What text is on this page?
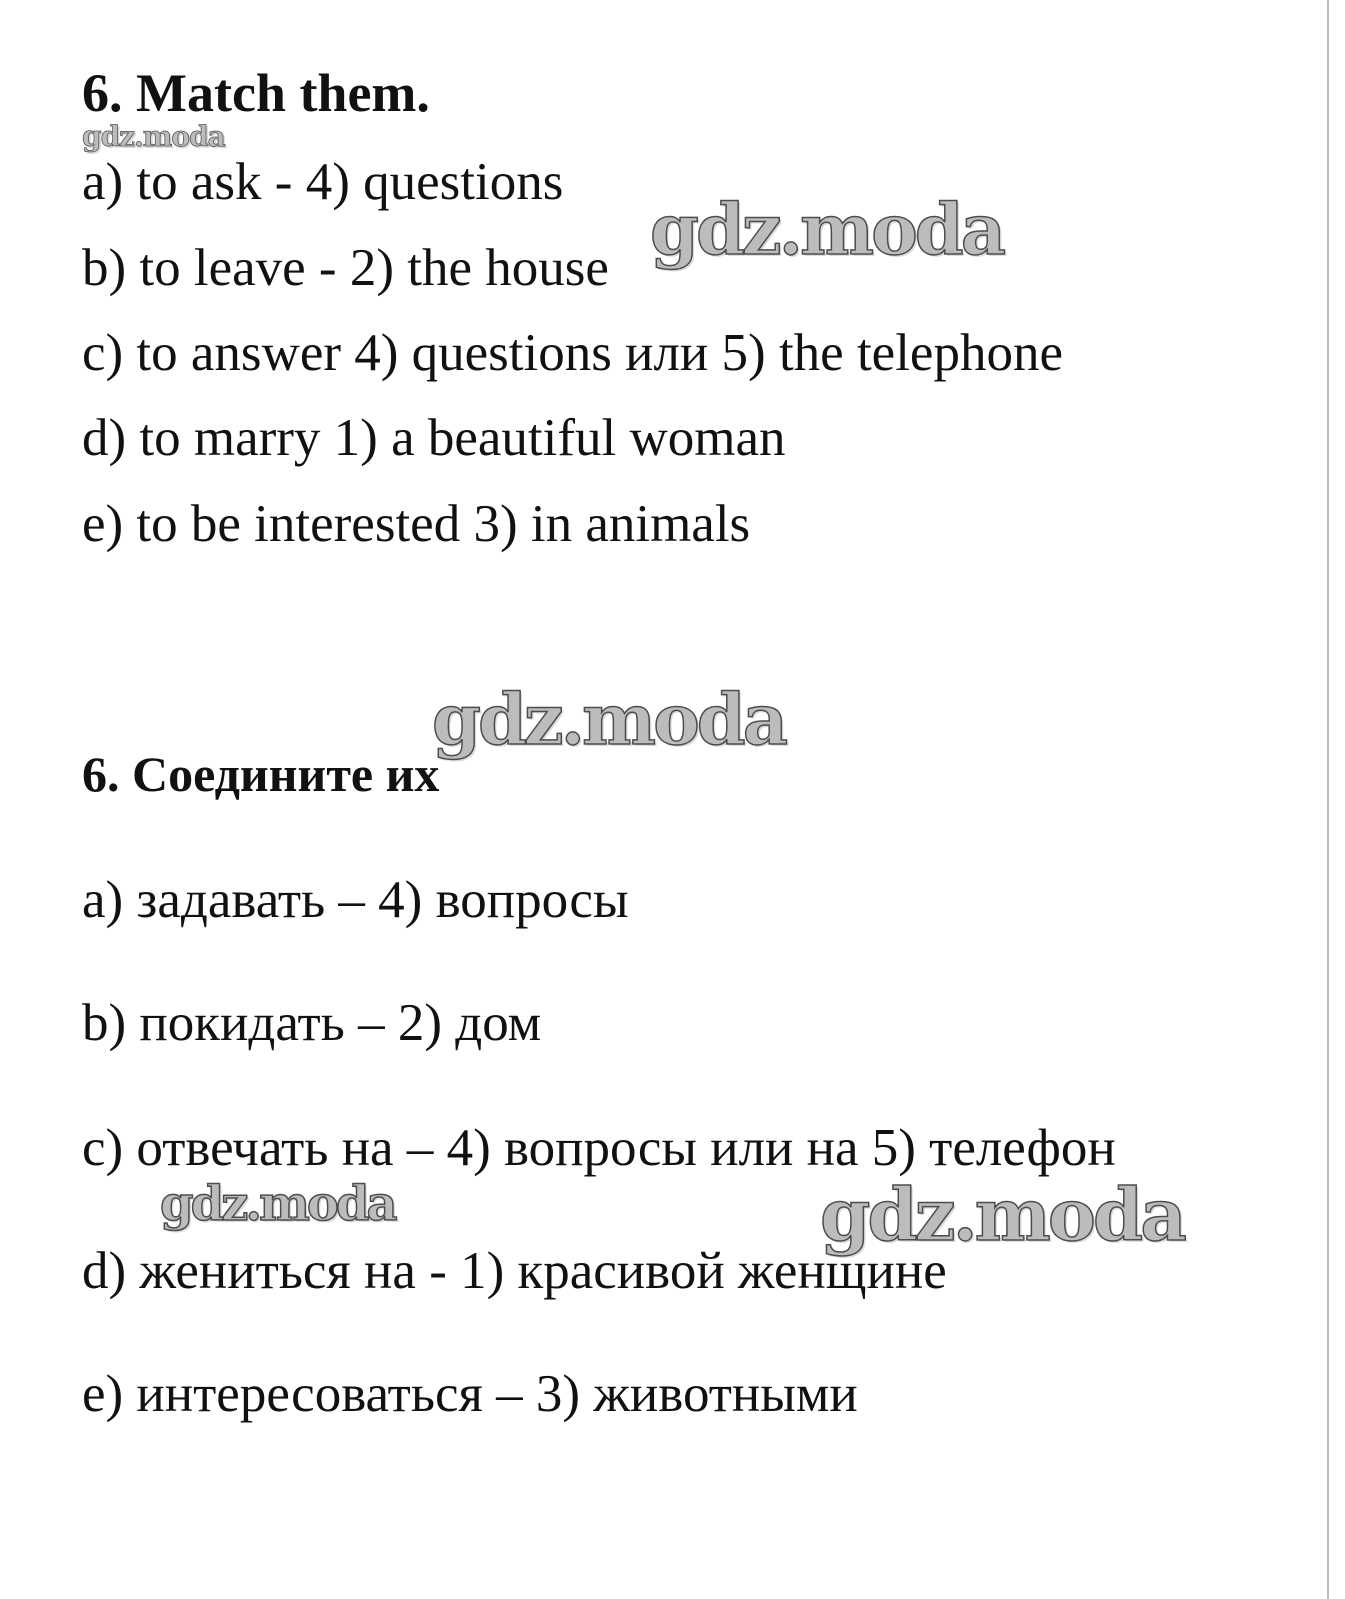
6. Match them.

a) to ask - 4) questions

b) to leave - 2) the house

c) to answer 4) questions или 5) the telephone

d) to marry 1) a beautiful woman

e) to be interested 3) in animals

6. Соедините их

a) задавать – 4) вопросы

b) покидать – 2) дом

c) отвечать на – 4) вопросы или на 5) телефон

d) жениться на - 1) красивой женщине

e) интересоваться – 3) животными

gdz.moda
gdz.moda
gdz.moda
gdz.moda	gdz.moda
